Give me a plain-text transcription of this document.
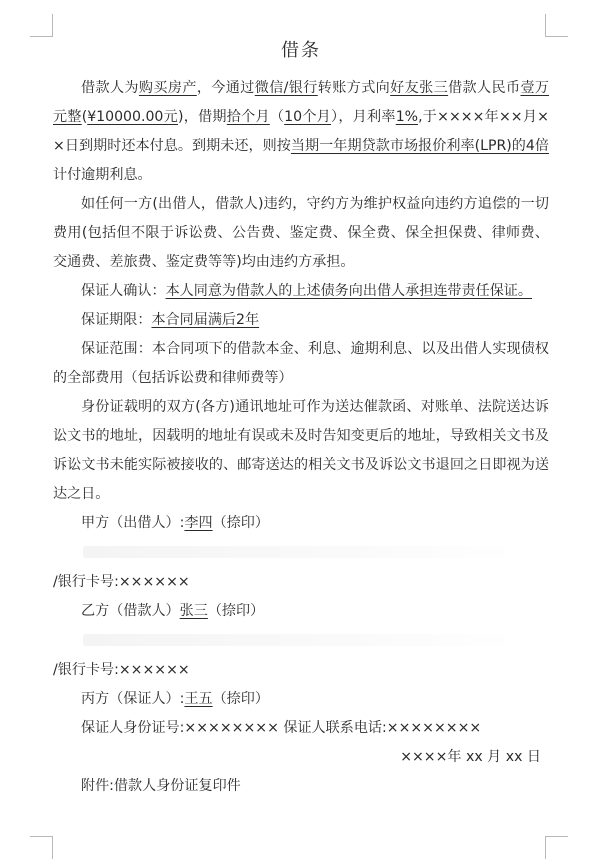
借条

借款人为购买房产，今通过微信/银行转账方式向好友张三借款人民币壹万元整(¥10000.00元)，借期拾个月（10个月），月利率1%,于××××年××月××日到期时还本付息。到期未还，则按当期一年期贷款市场报价利率(LPR)的4倍计付逾期利息。

如任何一方(出借人，借款人)违约，守约方为维护权益向违约方追偿的一切费用(包括但不限于诉讼费、公告费、鉴定费、保全费、保全担保费、律师费、交通费、差旅费、鉴定费等等)均由违约方承担。

保证人确认：本人同意为借款人的上述债务向出借人承担连带责任保证。

保证期限：本合同届满后2年

保证范围：本合同项下的借款本金、利息、逾期利息、以及出借人实现债权的全部费用（包括诉讼费和律师费等）

身份证载明的双方(各方)通讯地址可作为送达催款函、对账单、法院送达诉讼文书的地址，因载明的地址有误或未及时告知变更后的地址，导致相关文书及诉讼文书未能实际被接收的、邮寄送达的相关文书及诉讼文书退回之日即视为送达之日。

甲方（出借人）:李四（捺印）
/银行卡号:××××××
乙方（借款人）张三（捺印）
/银行卡号:××××××
丙方（保证人）:王五（捺印）
保证人身份证号:×××××××× 保证人联系电话:××××××××
××××年 xx 月 xx 日
附件:借款人身份证复印件
